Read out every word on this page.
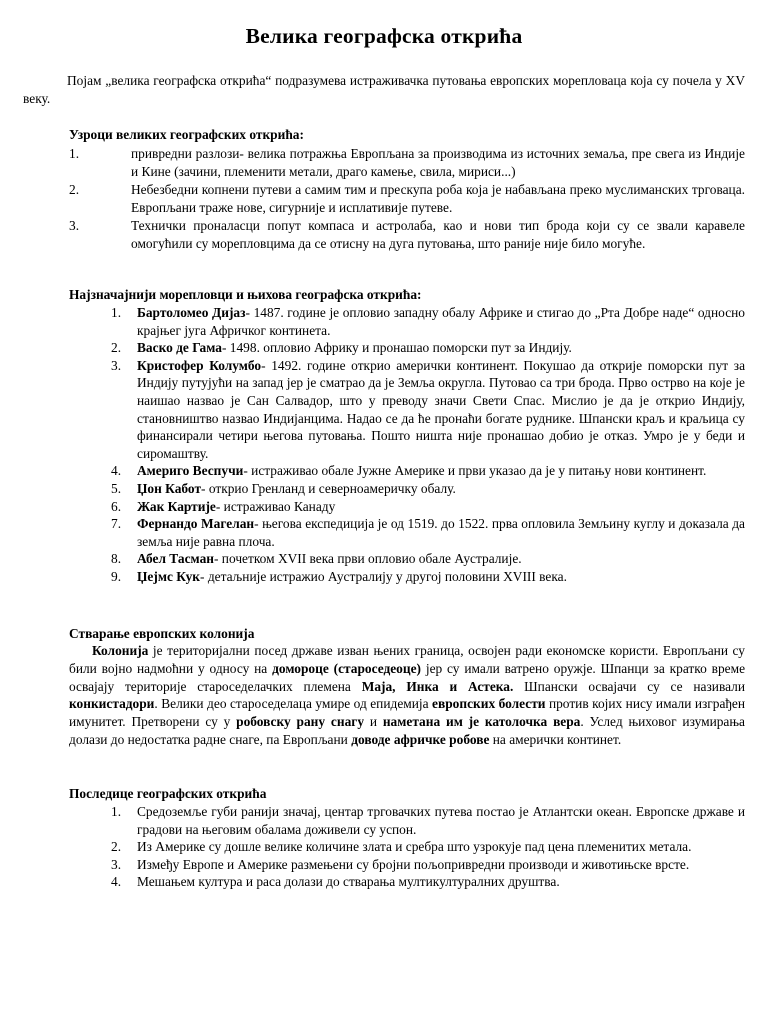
Велика географска открића

Појам „велика географска открића“ подразумева истраживачка путовања европских морепловаца која су почела у XV веку.

Узроци великих географских открића:
1.	привредни разлози- велика потражња Европљана за производима из источних земаља, пре свега из Индије и Кине (зачини, племенити метали, драго камење, свила, мириси...)
2.	Небезбедни копнени путеви а самим тим и прескупа роба која је набављана преко муслиманских трговаца. Европљани траже нове, сигурније и исплативије путеве.
3.	Технички проналасци попут компаса и астролаба, као и нови тип брода који су се звали каравеле омогућили су морепловцима да се отисну на дуга путовања, што раније није било могуће.
Најзначајнији морепловци и њихова географска открића:
1. Бартоломео Дијаз- 1487. године је опловио западну обалу Африке и стигао до „Рта Добре наде“ односно крајњег југа Афричког континета.
2. Васко де Гама- 1498. опловио Африку и пронашао поморски пут за Индију.
3. Кристофер Колумбо- 1492. године открио амерички континент. Покушао да открије поморски пут за Индију путујући на запад јер је сматрао да је Земља округла. Путовао са три брода. Прво острво на које је наишао назвао је Сан Салвадор, што у преводу значи Свети Спас. Мислио је да је открио Индију, становништво назвао Индијанцима. Надао се да ће пронаћи богате руднике. Шпански краљ и краљица су финансирали четири његова путовања. Пошто ништа није пронашао добио је отказ. Умро је у беди и сиромаштву.
4. Америго Веспучи- истраживао обале Јужне Америке и први указао да је у питању нови континент.
5. Џон Кабот- открио Гренланд и северноамеричку обалу.
6. Жак Картије- истраживао Канаду
7. Фернандо Магелан- његова експедиција је од 1519. до 1522. прва опловила Земљину куглу и доказала да земља није равна плоча.
8. Абел Тасман- почетком XVII века први опловио обале Аустралије.
9. Џејмс Кук- детаљније истражио Аустралију у другој половини XVIII века.
Стварање европских колонија

Колонија је територијални посед државе изван њених граница, освојен ради економске користи. Европљани су били војно надмоћни у односу на домороце (староседеоце) јер су имали ватрено оружје. Шпанци за кратко време освајају територије староседелачких племена Маја, Инка и Астека. Шпански освајачи су се називали конкистадори. Велики део староседелаца умире од епидемија европских болести против којих нису имали изграђен имунитет. Претворени су у робовску рану снагу и наметана им је католочка вера. Услед њиховог изумирања долази до недостатка радне снаге, па Европљани доводе афричке робове на амерички континет.

Последице географских открића
1. Средоземље губи ранији значај, центар трговачких путева постао је Атлантски океан. Европске државе и градови на његовим обалама доживели су успон.
2. Из Америке су дошле велике количине злата и сребра што узрокује пад цена племенитих метала.
3. Између Европе и Америке размењени су бројни пољопривредни производи и животињске врсте.
4. Мешањем култура и раса долази до стварања мултикултуралних друштва.
